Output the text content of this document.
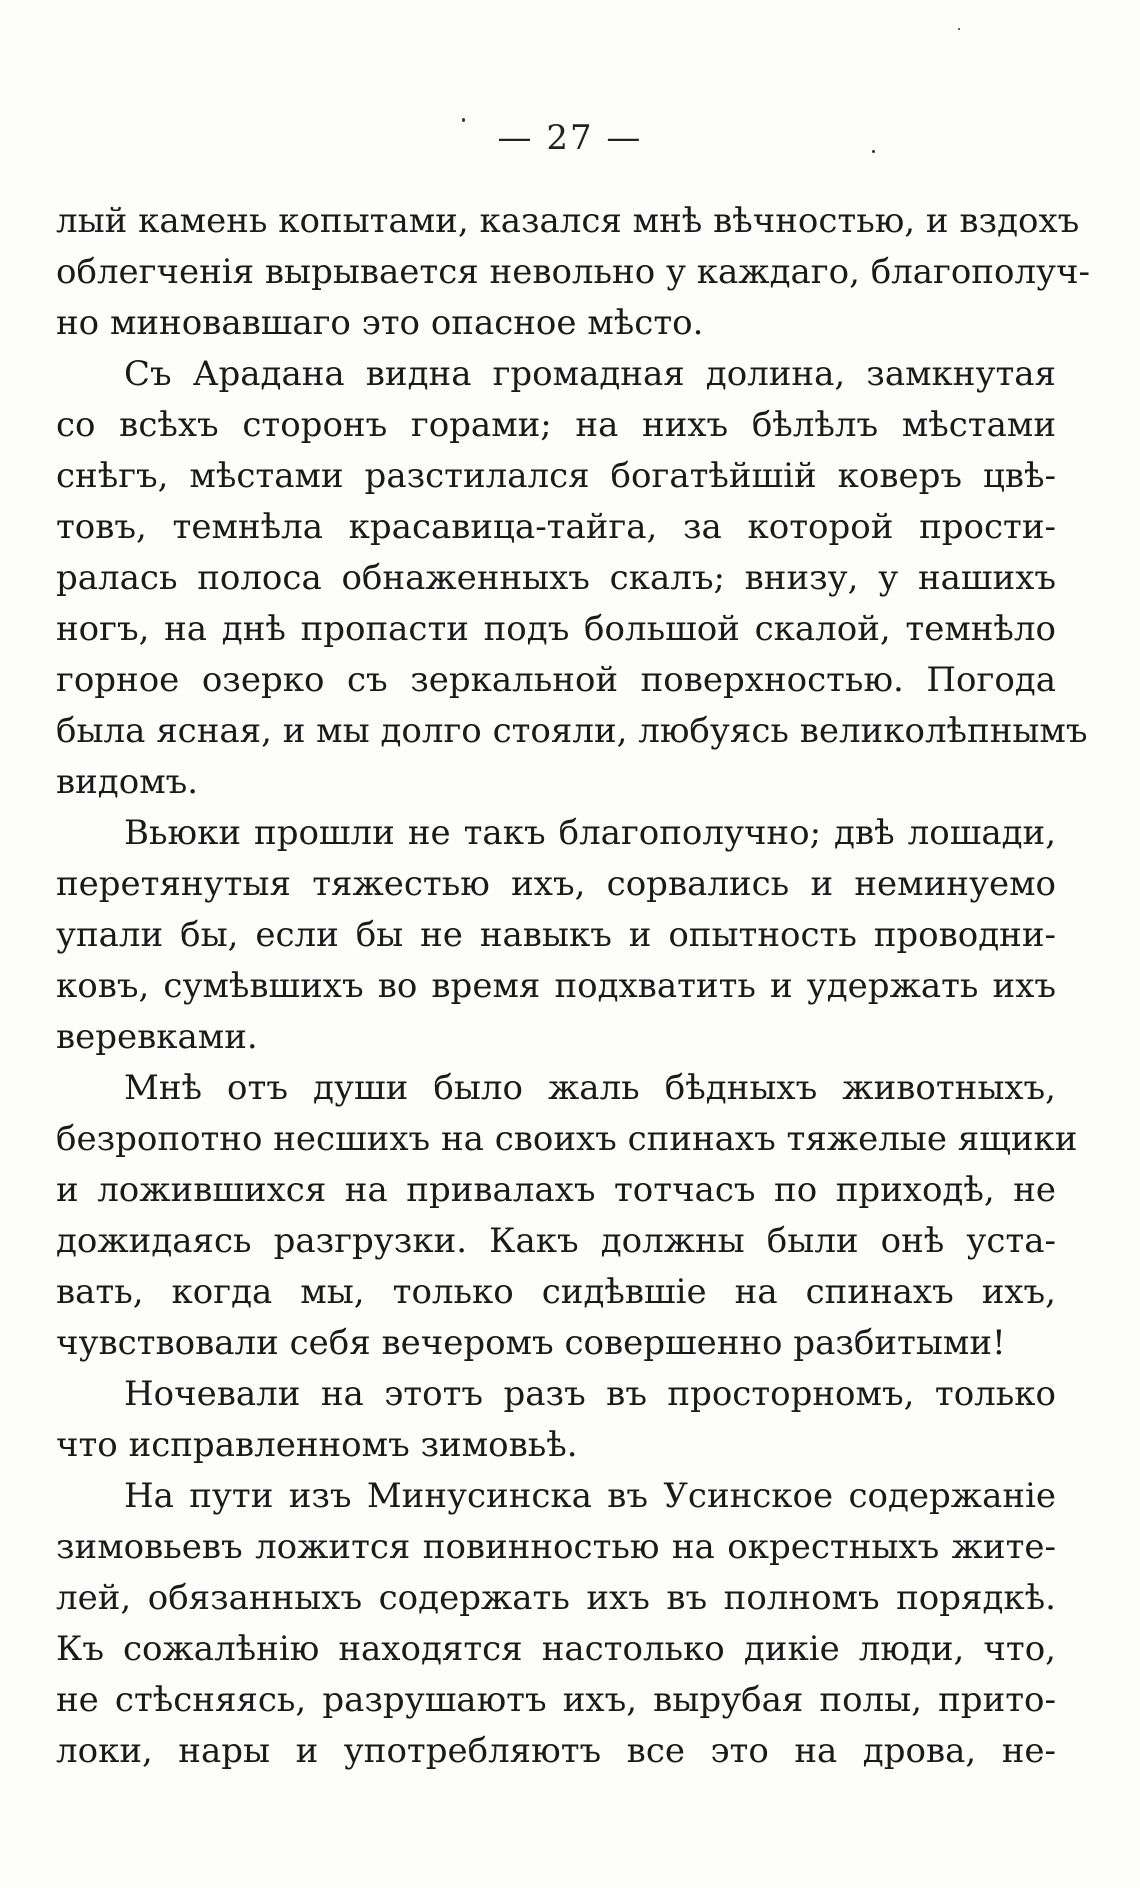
— 27 —
лый камень копытами, казался мнѣ вѣчностью, и вздохъ
облегченія вырывается невольно у каждаго, благополуч-
но миновавшаго это опасное мѣсто.
Съ Арадана видна громадная долина, замкнутая
со всѣхъ сторонъ горами; на нихъ бѣлѣлъ мѣстами
снѣгъ, мѣстами разстилался богатѣйшій коверъ цвѣ-
товъ, темнѣла красавица-тайга, за которой прости-
ралась полоса обнаженныхъ скалъ; внизу, у нашихъ
ногъ, на днѣ пропасти подъ большой скалой, темнѣло
горное озерко съ зеркальной поверхностью. Погода
была ясная, и мы долго стояли, любуясь великолѣпнымъ
видомъ.
Вьюки прошли не такъ благополучно; двѣ лошади,
перетянутыя тяжестью ихъ, сорвались и неминуемо
упали бы, если бы не навыкъ и опытность проводни-
ковъ, сумѣвшихъ во время подхватить и удержать ихъ
веревками.
Мнѣ отъ души было жаль бѣдныхъ животныхъ,
безропотно несшихъ на своихъ спинахъ тяжелые ящики
и ложившихся на привалахъ тотчасъ по приходѣ, не
дожидаясь разгрузки. Какъ должны были онѣ уста-
вать, когда мы, только сидѣвшіе на спинахъ ихъ,
чувствовали себя вечеромъ совершенно разбитыми!
Ночевали на этотъ разъ въ просторномъ, только
что исправленномъ зимовьѣ.
На пути изъ Минусинска въ Усинское содержаніе
зимовьевъ ложится повинностью на окрестныхъ жите-
лей, обязанныхъ содержать ихъ въ полномъ порядкѣ.
Къ сожалѣнію находятся настолько дикіе люди, что,
не стѣсняясь, разрушаютъ ихъ, вырубая полы, прито-
локи, нары и употребляютъ все это на дрова, не-
